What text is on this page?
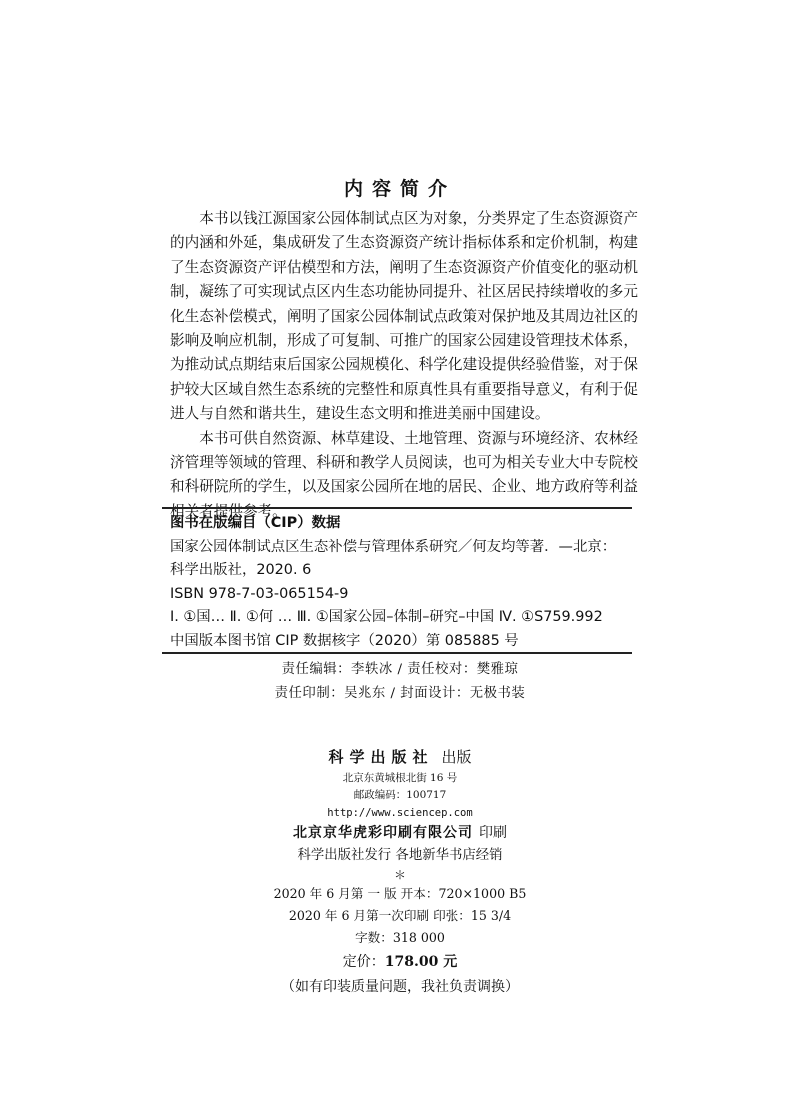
内容简介

本书以钱江源国家公园体制试点区为对象，分类界定了生态资源资产的内涵和外延，集成研发了生态资源资产统计指标体系和定价机制，构建了生态资源资产评估模型和方法，阐明了生态资源资产价值变化的驱动机制，凝练了可实现试点区内生态功能协同提升、社区居民持续增收的多元化生态补偿模式，阐明了国家公园体制试点政策对保护地及其周边社区的影响及响应机制，形成了可复制、可推广的国家公园建设管理技术体系，为推动试点期结束后国家公园规模化、科学化建设提供经验借鉴，对于保护较大区域自然生态系统的完整性和原真性具有重要指导意义，有利于促进人与自然和谐共生，建设生态文明和推进美丽中国建设。

本书可供自然资源、林草建设、土地管理、资源与环境经济、农林经济管理等领域的管理、科研和教学人员阅读，也可为相关专业大中专院校和科研院所的学生，以及国家公园所在地的居民、企业、地方政府等利益相关者提供参考。

图书在版编目（CIP）数据
国家公园体制试点区生态补偿与管理体系研究／何友均等著．—北京：
科学出版社，2020. 6
ISBN 978-7-03-065154-9
Ⅰ. ①国… Ⅱ. ①何 … Ⅲ. ①国家公园–体制–研究–中国 Ⅳ. ①S759.992
中国版本图书馆 CIP 数据核字（2020）第 085885 号
责任编辑：李轶冰 / 责任校对：樊雅琼
责任印制：吴兆东 / 封面设计：无极书装
科学出版社 出版
北京东黄城根北街 16 号
邮政编码：100717
http://www.sciencep.com
北京京华虎彩印刷有限公司 印刷
科学出版社发行 各地新华书店经销
＊
2020 年 6 月第 一 版 开本：720×1000 B5
2020 年 6 月第一次印刷 印张：15 3/4
字数：318 000
定价：178.00 元
（如有印装质量问题，我社负责调换）
